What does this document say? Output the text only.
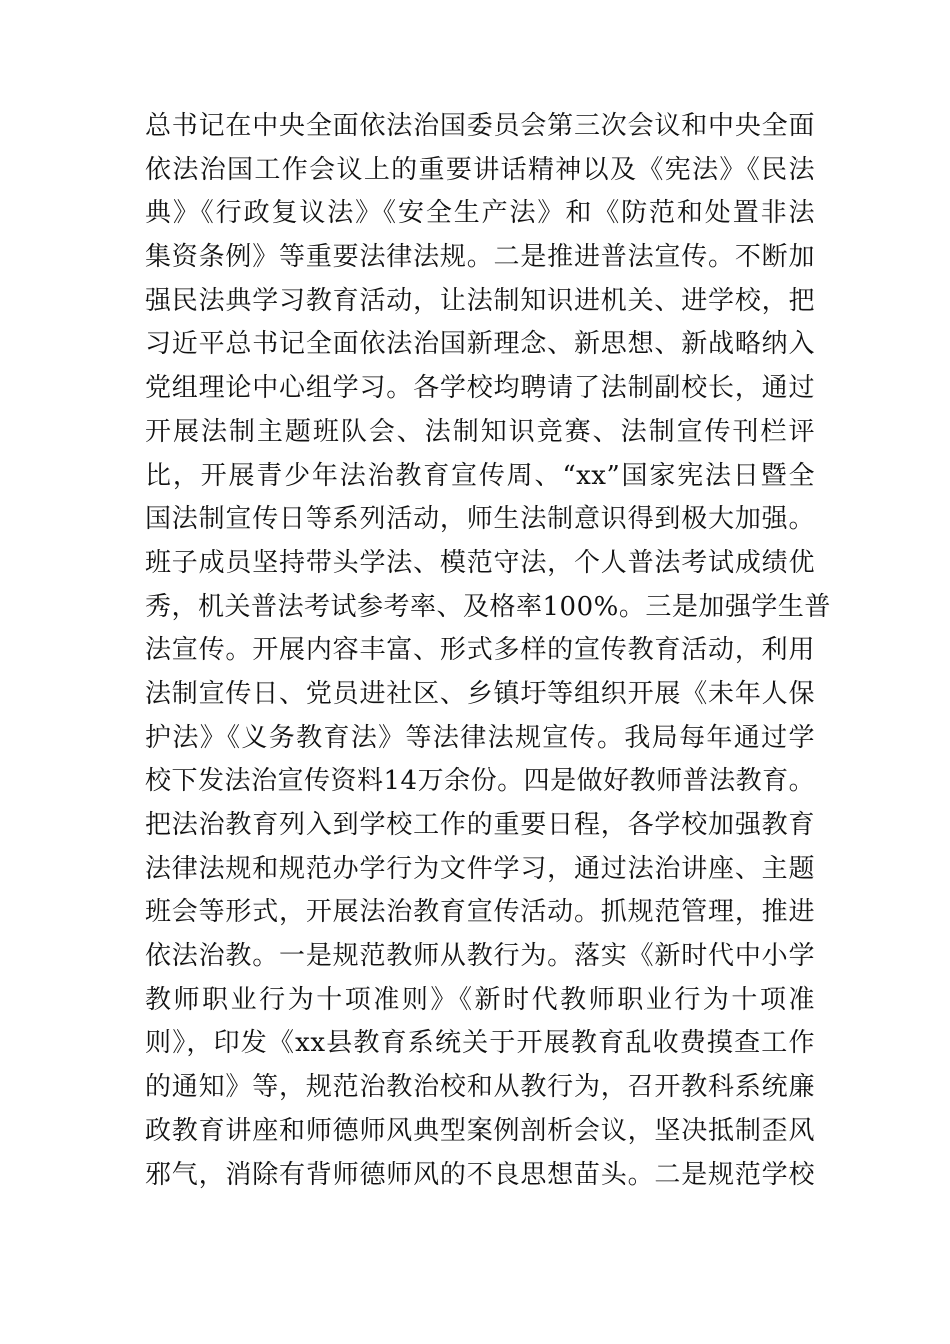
总书记在中央全面依法治国委员会第三次会议和中央全面
依法治国工作会议上的重要讲话精神以及《宪法》《民法
典》《行政复议法》《安全生产法》和《防范和处置非法
集资条例》等重要法律法规。二是推进普法宣传。不断加
强民法典学习教育活动，让法制知识进机关、进学校，把
习近平总书记全面依法治国新理念、新思想、新战略纳入
党组理论中心组学习。各学校均聘请了法制副校长，通过
开展法制主题班队会、法制知识竞赛、法制宣传刊栏评
比，开展青少年法治教育宣传周、“xx”国家宪法日暨全
国法制宣传日等系列活动，师生法制意识得到极大加强。
班子成员坚持带头学法、模范守法，个人普法考试成绩优
秀，机关普法考试参考率、及格率100%。三是加强学生普
法宣传。开展内容丰富、形式多样的宣传教育活动，利用
法制宣传日、党员进社区、乡镇圩等组织开展《未年人保
护法》《义务教育法》等法律法规宣传。我局每年通过学
校下发法治宣传资料14万余份。四是做好教师普法教育。
把法治教育列入到学校工作的重要日程，各学校加强教育
法律法规和规范办学行为文件学习，通过法治讲座、主题
班会等形式，开展法治教育宣传活动。抓规范管理，推进
依法治教。一是规范教师从教行为。落实《新时代中小学
教师职业行为十项准则》《新时代教师职业行为十项准
则》，印发《xx县教育系统关于开展教育乱收费摸查工作
的通知》等，规范治教治校和从教行为，召开教科系统廉
政教育讲座和师德师风典型案例剖析会议，坚决抵制歪风
邪气，消除有背师德师风的不良思想苗头。二是规范学校
